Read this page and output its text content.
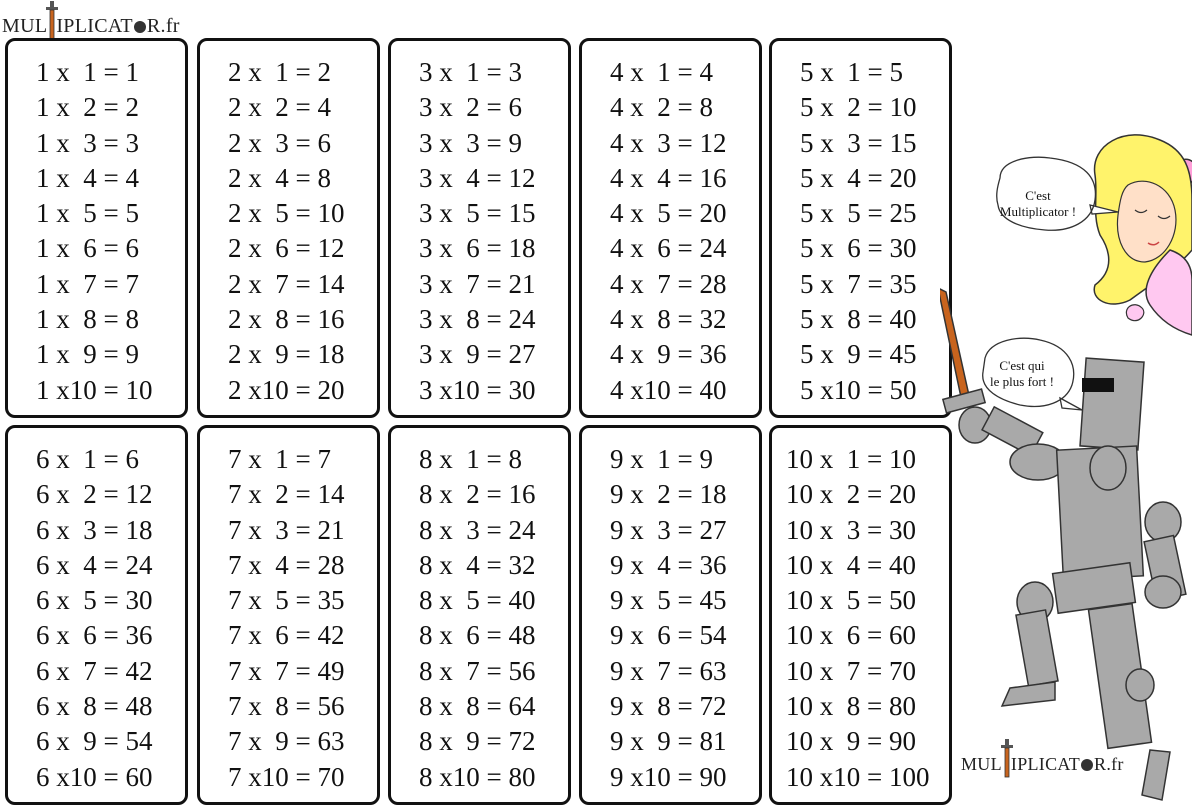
MUL IPLICAT R.fr
1 x  1 = 1
1 x  2 = 2
1 x  3 = 3
1 x  4 = 4
1 x  5 = 5
1 x  6 = 6
1 x  7 = 7
1 x  8 = 8
1 x  9 = 9
1 x10 = 10
2 x  1 = 2
2 x  2 = 4
2 x  3 = 6
2 x  4 = 8
2 x  5 = 10
2 x  6 = 12
2 x  7 = 14
2 x  8 = 16
2 x  9 = 18
2 x10 = 20
3 x  1 = 3
3 x  2 = 6
3 x  3 = 9
3 x  4 = 12
3 x  5 = 15
3 x  6 = 18
3 x  7 = 21
3 x  8 = 24
3 x  9 = 27
3 x10 = 30
4 x  1 = 4
4 x  2 = 8
4 x  3 = 12
4 x  4 = 16
4 x  5 = 20
4 x  6 = 24
4 x  7 = 28
4 x  8 = 32
4 x  9 = 36
4 x10 = 40
5 x  1 = 5
5 x  2 = 10
5 x  3 = 15
5 x  4 = 20
5 x  5 = 25
5 x  6 = 30
5 x  7 = 35
5 x  8 = 40
5 x  9 = 45
5 x10 = 50
6 x  1 = 6
6 x  2 = 12
6 x  3 = 18
6 x  4 = 24
6 x  5 = 30
6 x  6 = 36
6 x  7 = 42
6 x  8 = 48
6 x  9 = 54
6 x10 = 60
7 x  1 = 7
7 x  2 = 14
7 x  3 = 21
7 x  4 = 28
7 x  5 = 35
7 x  6 = 42
7 x  7 = 49
7 x  8 = 56
7 x  9 = 63
7 x10 = 70
8 x  1 = 8
8 x  2 = 16
8 x  3 = 24
8 x  4 = 32
8 x  5 = 40
8 x  6 = 48
8 x  7 = 56
8 x  8 = 64
8 x  9 = 72
8 x10 = 80
9 x  1 = 9
9 x  2 = 18
9 x  3 = 27
9 x  4 = 36
9 x  5 = 45
9 x  6 = 54
9 x  7 = 63
9 x  8 = 72
9 x  9 = 81
9 x10 = 90
10 x  1 = 10
10 x  2 = 20
10 x  3 = 30
10 x  4 = 40
10 x  5 = 50
10 x  6 = 60
10 x  7 = 70
10 x  8 = 80
10 x  9 = 90
10 x10 = 100
C'est
Multiplicator !
C'est qui
le plus fort !
MUL IPLICAT R.fr
